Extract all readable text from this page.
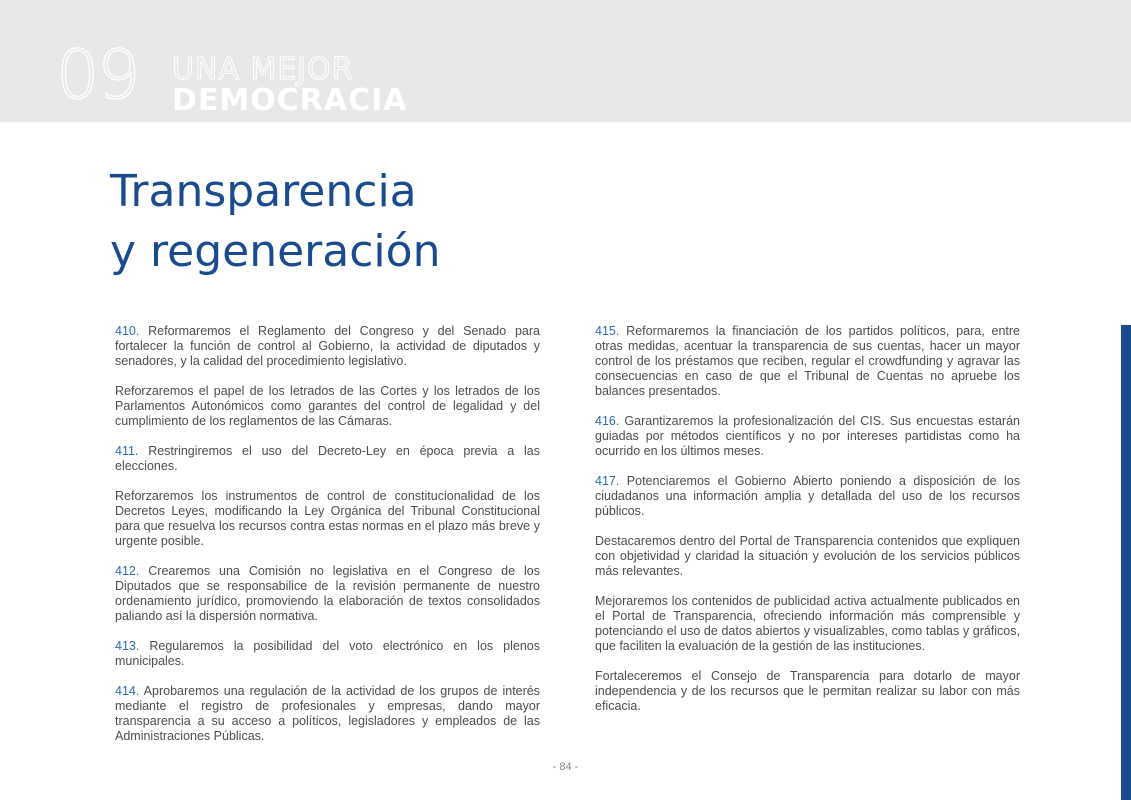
09 UNA MEJOR
DEMOCRACIA
Transparencia
y regeneración

410. Reformaremos el Reglamento del Congreso y del Senado para fortalecer la función de control al Gobierno, la actividad de diputados y senadores, y la calidad del procedimiento legislativo.

Reforzaremos el papel de los letrados de las Cortes y los letrados de los Parlamentos Autonómicos como garantes del control de legalidad y del cumplimiento de los reglamentos de las Cámaras.

411. Restringiremos el uso del Decreto-Ley en época previa a las elecciones.

Reforzaremos los instrumentos de control de constitucionalidad de los Decretos Leyes, modificando la Ley Orgánica del Tribunal Constitucional para que resuelva los recursos contra estas normas en el plazo más breve y urgente posible.

412. Crearemos una Comisión no legislativa en el Congreso de los Diputados que se responsabilice de la revisión permanente de nuestro ordenamiento jurídico, promoviendo la elaboración de textos consolidados paliando así la dispersión normativa.

413. Regularemos la posibilidad del voto electrónico en los plenos municipales.

414. Aprobaremos una regulación de la actividad de los grupos de interés mediante el registro de profesionales y empresas, dando mayor transparencia a su acceso a políticos, legisladores y empleados de las Administraciones Públicas.

415. Reformaremos la financiación de los partidos políticos, para, entre otras medidas, acentuar la transparencia de sus cuentas, hacer un mayor control de los préstamos que reciben, regular el crowdfunding y agravar las consecuencias en caso de que el Tribunal de Cuentas no apruebe los balances presentados.

416. Garantizaremos la profesionalización del CIS. Sus encuestas estarán guiadas por métodos científicos y no por intereses partidistas como ha ocurrido en los últimos meses.

417. Potenciaremos el Gobierno Abierto poniendo a disposición de los ciudadanos una información amplia y detallada del uso de los recursos públicos.

Destacaremos dentro del Portal de Transparencia contenidos que expliquen con objetividad y claridad la situación y evolución de los servicios públicos más relevantes.

Mejoraremos los contenidos de publicidad activa actualmente publicados en el Portal de Transparencia, ofreciendo información más comprensible y potenciando el uso de datos abiertos y visualizables, como tablas y gráficos, que faciliten la evaluación de la gestión de las instituciones.

Fortaleceremos el Consejo de Transparencia para dotarlo de mayor independencia y de los recursos que le permitan realizar su labor con más eficacia.

- 84 -
